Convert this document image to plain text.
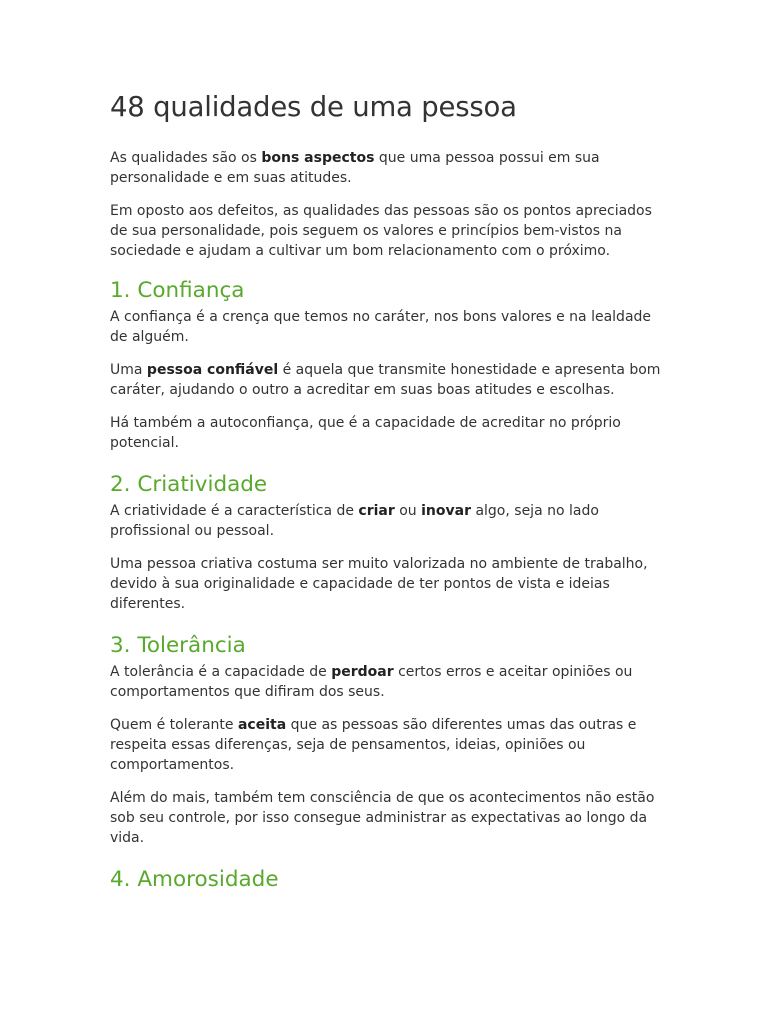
48 qualidades de uma pessoa

As qualidades são os bons aspectos que uma pessoa possui em sua personalidade e em suas atitudes.

Em oposto aos defeitos, as qualidades das pessoas são os pontos apreciados de sua personalidade, pois seguem os valores e princípios bem-vistos na sociedade e ajudam a cultivar um bom relacionamento com o próximo.

1. Confiança

A confiança é a crença que temos no caráter, nos bons valores e na lealdade de alguém.

Uma pessoa confiável é aquela que transmite honestidade e apresenta bom caráter, ajudando o outro a acreditar em suas boas atitudes e escolhas.

Há também a autoconfiança, que é a capacidade de acreditar no próprio potencial.

2. Criatividade

A criatividade é a característica de criar ou inovar algo, seja no lado profissional ou pessoal.

Uma pessoa criativa costuma ser muito valorizada no ambiente de trabalho, devido à sua originalidade e capacidade de ter pontos de vista e ideias diferentes.

3. Tolerância

A tolerância é a capacidade de perdoar certos erros e aceitar opiniões ou comportamentos que difiram dos seus.

Quem é tolerante aceita que as pessoas são diferentes umas das outras e respeita essas diferenças, seja de pensamentos, ideias, opiniões ou comportamentos.

Além do mais, também tem consciência de que os acontecimentos não estão sob seu controle, por isso consegue administrar as expectativas ao longo da vida.

4. Amorosidade
